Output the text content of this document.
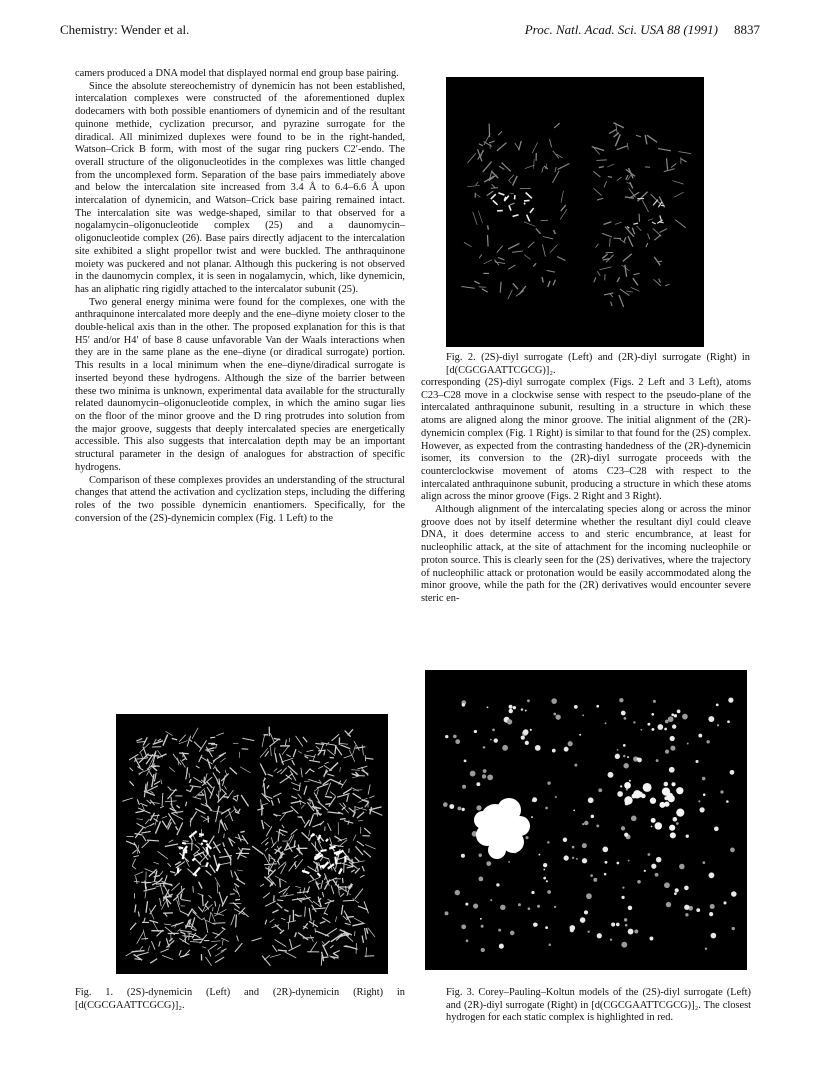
Chemistry: Wender et al.	Proc. Natl. Acad. Sci. USA 88 (1991) 8837

camers produced a DNA model that displayed normal end group base pairing.

Since the absolute stereochemistry of dynemicin has not been established, intercalation complexes were constructed of the aforementioned duplex dodecamers with both possible enantiomers of dynemicin and of the resultant quinone methide, cyclization precursor, and pyrazine surrogate for the diradical. All minimized duplexes were found to be in the right-handed, Watson–Crick B form, with most of the sugar ring puckers C2′-endo. The overall structure of the oligonucleotides in the complexes was little changed from the uncomplexed form. Separation of the base pairs immediately above and below the intercalation site increased from 3.4 Å to 6.4–6.6 Å upon intercalation of dynemicin, and Watson–Crick base pairing remained intact. The intercalation site was wedge-shaped, similar to that observed for a nogalamycin–oligonucleotide complex (25) and a daunomycin–oligonucleotide complex (26). Base pairs directly adjacent to the intercalation site exhibited a slight propellor twist and were buckled. The anthraquinone moiety was puckered and not planar. Although this puckering is not observed in the daunomycin complex, it is seen in nogalamycin, which, like dynemicin, has an aliphatic ring rigidly attached to the intercalator subunit (25).

Two general energy minima were found for the complexes, one with the anthraquinone intercalated more deeply and the ene–diyne moiety closer to the double-helical axis than in the other. The proposed explanation for this is that H5′ and/or H4′ of base 8 cause unfavorable Van der Waals interactions when they are in the same plane as the ene–diyne (or diradical surrogate) portion. This results in a local minimum when the ene–diyne/diradical surrogate is inserted beyond these hydrogens. Although the size of the barrier between these two minima is unknown, experimental data available for the structurally related daunomycin–oligonucleotide complex, in which the amino sugar lies on the floor of the minor groove and the D ring protrudes into solution from the major groove, suggests that deeply intercalated species are energetically accessible. This also suggests that intercalation depth may be an important structural parameter in the design of analogues for abstraction of specific hydrogens.

Comparison of these complexes provides an understanding of the structural changes that attend the activation and cyclization steps, including the differing roles of the two possible dynemicin enantiomers. Specifically, for the conversion of the (2S)-dynemicin complex (Fig. 1 Left) to the

Fig. 2. (2S)-diyl surrogate (Left) and (2R)-diyl surrogate (Right) in [d(CGCGAATTCGCG)]₂.

corresponding (2S)-diyl surrogate complex (Figs. 2 Left and 3 Left), atoms C23–C28 move in a clockwise sense with respect to the pseudo-plane of the intercalated anthraquinone subunit, resulting in a structure in which these atoms are aligned along the minor groove. The initial alignment of the (2R)-dynemicin complex (Fig. 1 Right) is similar to that found for the (2S) complex. However, as expected from the contrasting handedness of the (2R)-dynemicin isomer, its conversion to the (2R)-diyl surrogate proceeds with the counterclockwise movement of atoms C23–C28 with respect to the intercalated anthraquinone subunit, producing a structure in which these atoms align across the minor groove (Figs. 2 Right and 3 Right).

Although alignment of the intercalating species along or across the minor groove does not by itself determine whether the resultant diyl could cleave DNA, it does determine access to and steric encumbrance, at least for nucleophilic attack, at the site of attachment for the incoming nucleophile or proton source. This is clearly seen for the (2S) derivatives, where the trajectory of nucleophilic attack or protonation would be easily accommodated along the minor groove, while the path for the (2R) derivatives would encounter severe steric en-

Fig. 1. (2S)-dynemicin (Left) and (2R)-dynemicin (Right) in [d(CGCGAATTCGCG)]₂.
Fig. 3. Corey–Pauling–Koltun models of the (2S)-diyl surrogate (Left) and (2R)-diyl surrogate (Right) in [d(CGCGAATTCGCG)]₂. The closest hydrogen for each static complex is highlighted in red.
